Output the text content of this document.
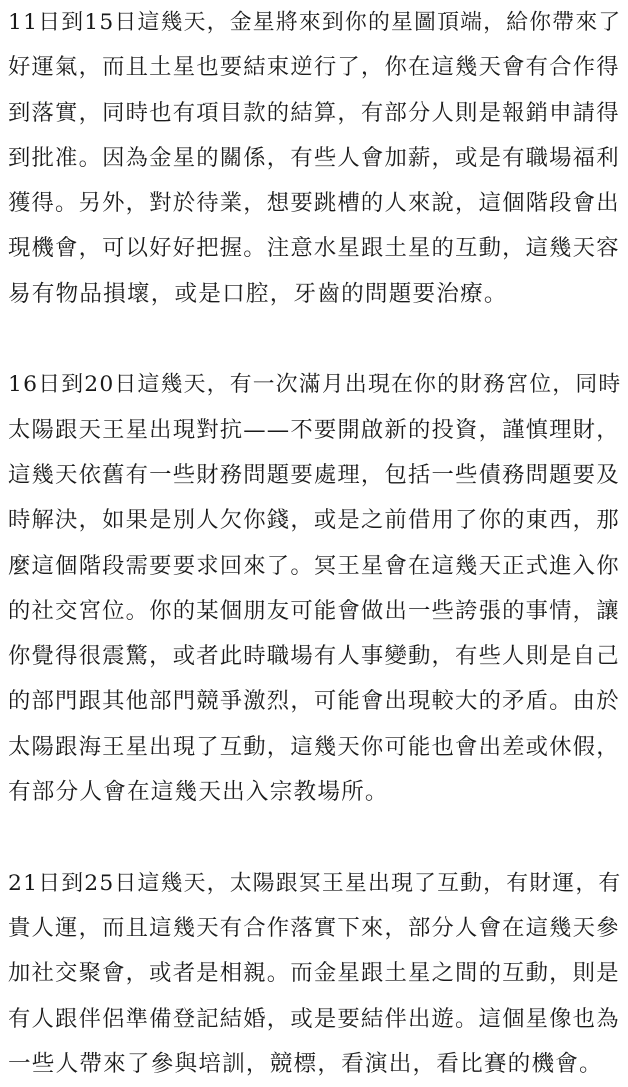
11日到15日這幾天，金星將來到你的星圖頂端，給你帶來了
好運氣，而且土星也要結束逆行了，你在這幾天會有合作得
到落實，同時也有項目款的結算，有部分人則是報銷申請得
到批准。因為金星的關係，有些人會加薪，或是有職場福利
獲得。另外，對於待業，想要跳槽的人來說，這個階段會出
現機會，可以好好把握。注意水星跟土星的互動，這幾天容
易有物品損壞，或是口腔，牙齒的問題要治療。

16日到20日這幾天，有一次滿月出現在你的財務宮位，同時
太陽跟天王星出現對抗——不要開啟新的投資，謹慎理財，
這幾天依舊有一些財務問題要處理，包括一些債務問題要及
時解決，如果是別人欠你錢，或是之前借用了你的東西，那
麼這個階段需要要求回來了。冥王星會在這幾天正式進入你
的社交宮位。你的某個朋友可能會做出一些誇張的事情，讓
你覺得很震驚，或者此時職場有人事變動，有些人則是自己
的部門跟其他部門競爭激烈，可能會出現較大的矛盾。由於
太陽跟海王星出現了互動，這幾天你可能也會出差或休假，
有部分人會在這幾天出入宗教場所。

21日到25日這幾天，太陽跟冥王星出現了互動，有財運，有
貴人運，而且這幾天有合作落實下來，部分人會在這幾天參
加社交聚會，或者是相親。而金星跟土星之間的互動，則是
有人跟伴侶準備登記結婚，或是要結伴出遊。這個星像也為
一些人帶來了參與培訓，競標，看演出，看比賽的機會。
